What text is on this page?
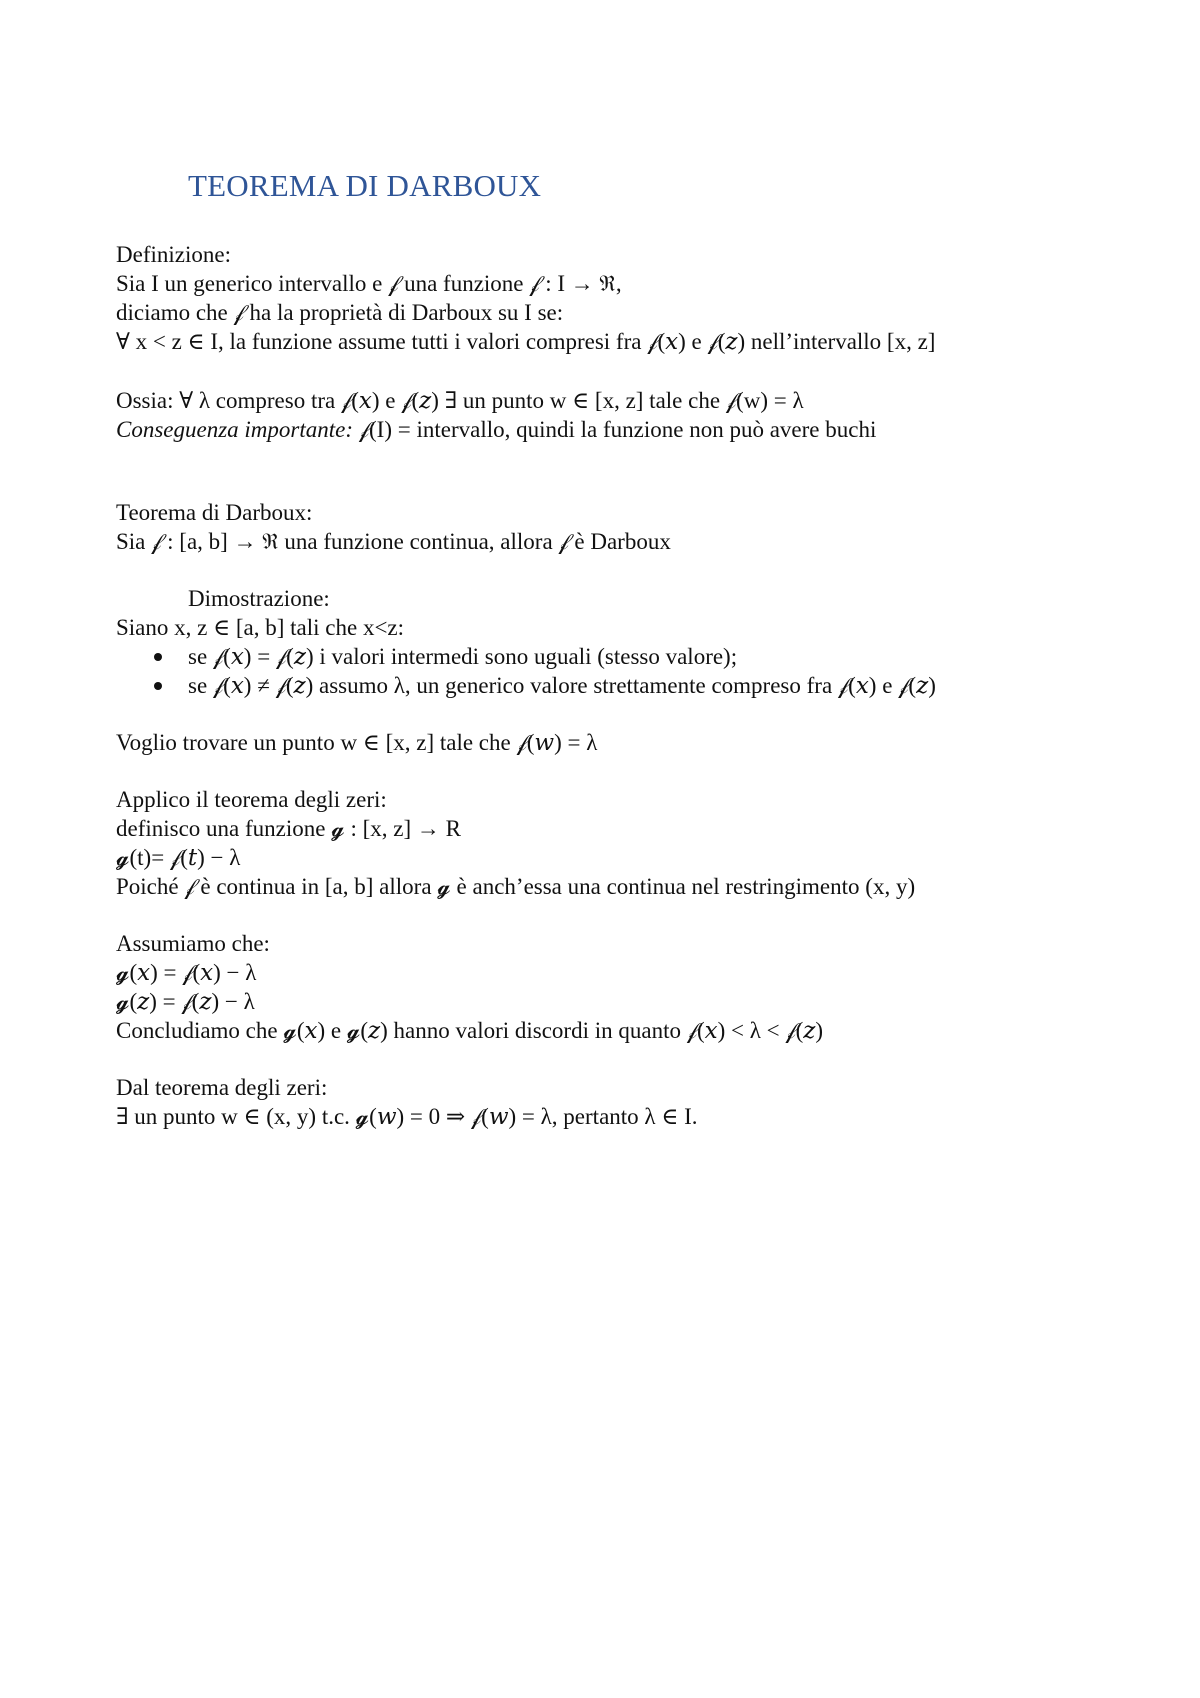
TEOREMA DI DARBOUX
Definizione:
Sia I un generico intervallo e 𝒻 una funzione 𝒻 : I → ℜ,
diciamo che 𝒻 ha la proprietà di Darboux su I se:
∀ x < z ∈ I, la funzione assume tutti i valori compresi fra 𝒻(𝑥) e 𝒻(𝑧) nell’intervallo [x, z]
Ossia: ∀ λ compreso tra 𝒻(𝑥) e 𝒻(𝑧) ∃ un punto w ∈ [x, z] tale che 𝒻(w) = λ
Conseguenza importante: 𝒻(I) = intervallo, quindi la funzione non può avere buchi
Teorema di Darboux:
Sia 𝒻 : [a, b] → ℜ una funzione continua, allora 𝒻 è Darboux
Dimostrazione:
Siano x, z ∈ [a, b] tali che x<z:
se 𝒻(𝑥) = 𝒻(𝑧) i valori intermedi sono uguali (stesso valore);
se 𝒻(𝑥) ≠ 𝒻(𝑧) assumo λ, un generico valore strettamente compreso fra 𝒻(𝑥) e 𝒻(𝑧)
Voglio trovare un punto w ∈ [x, z] tale che 𝒻(𝑤) = λ
Applico il teorema degli zeri:
definisco una funzione 𝓰 : [x, z] → R
𝓰(t)= 𝒻(𝑡) − λ
Poiché 𝒻 è continua in [a, b] allora 𝓰 è anch’essa una continua nel restringimento (x, y)
Assumiamo che:
𝓰(𝑥) = 𝒻(𝑥) − λ
𝓰(𝑧) = 𝒻(𝑧) − λ
Concludiamo che 𝓰(𝑥) e 𝓰(𝑧) hanno valori discordi in quanto 𝒻(𝑥) < λ < 𝒻(𝑧)
Dal teorema degli zeri:
∃ un punto w ∈ (x, y) t.c. 𝓰(𝑤) = 0 ⇒ 𝒻(𝑤) = λ, pertanto λ ∈ I.
